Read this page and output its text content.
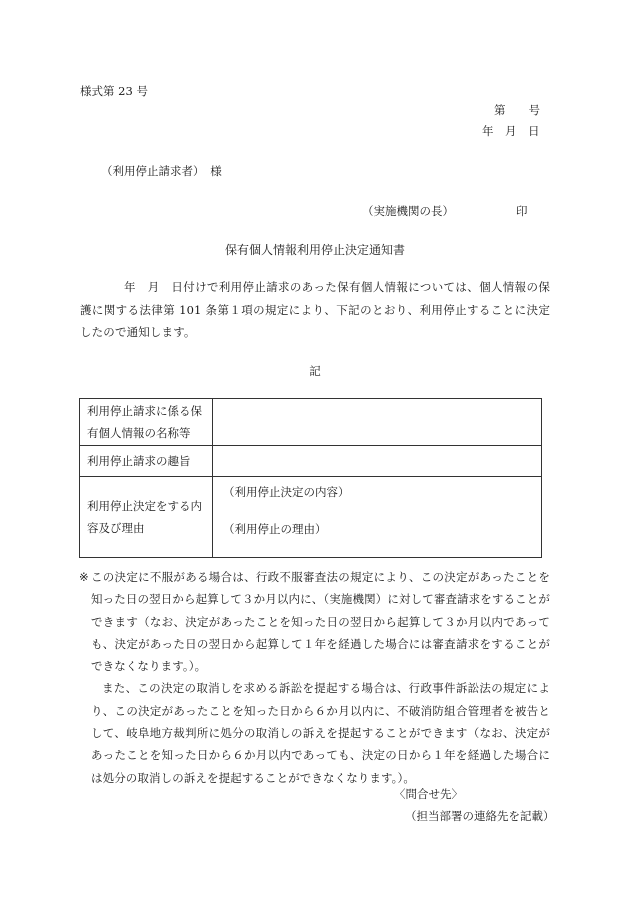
様式第 23 号
第　　号
年　月　日
（利用停止請求者）　様
（実施機関の長）	印
保有個人情報利用停止決定通知書
年　月　日付けで利用停止請求のあった保有個人情報については、個人情報の保護に関する法律第 101 条第１項の規定により、下記のとおり、利用停止することに決定したので通知します。
記
利用停止請求に係る保有個人情報の名称等	
利用停止請求の趣旨	
利用停止決定をする内容及び理由	（利用停止決定の内容）
（利用停止の理由）
※ この決定に不服がある場合は、行政不服審査法の規定により、この決定があったことを知った日の翌日から起算して３か月以内に、（実施機関）に対して審査請求をすることができます（なお、決定があったことを知った日の翌日から起算して３か月以内であっても、決定があった日の翌日から起算して１年を経過した場合には審査請求をすることができなくなります。）。
また、この決定の取消しを求める訴訟を提起する場合は、行政事件訴訟法の規定により、この決定があったことを知った日から６か月以内に、不破消防組合管理者を被告として、岐阜地方裁判所に処分の取消しの訴えを提起することができます（なお、決定があったことを知った日から６か月以内であっても、決定の日から１年を経過した場合には処分の取消しの訴えを提起することができなくなります。）。
〈問合せ先〉
（担当部署の連絡先を記載）
